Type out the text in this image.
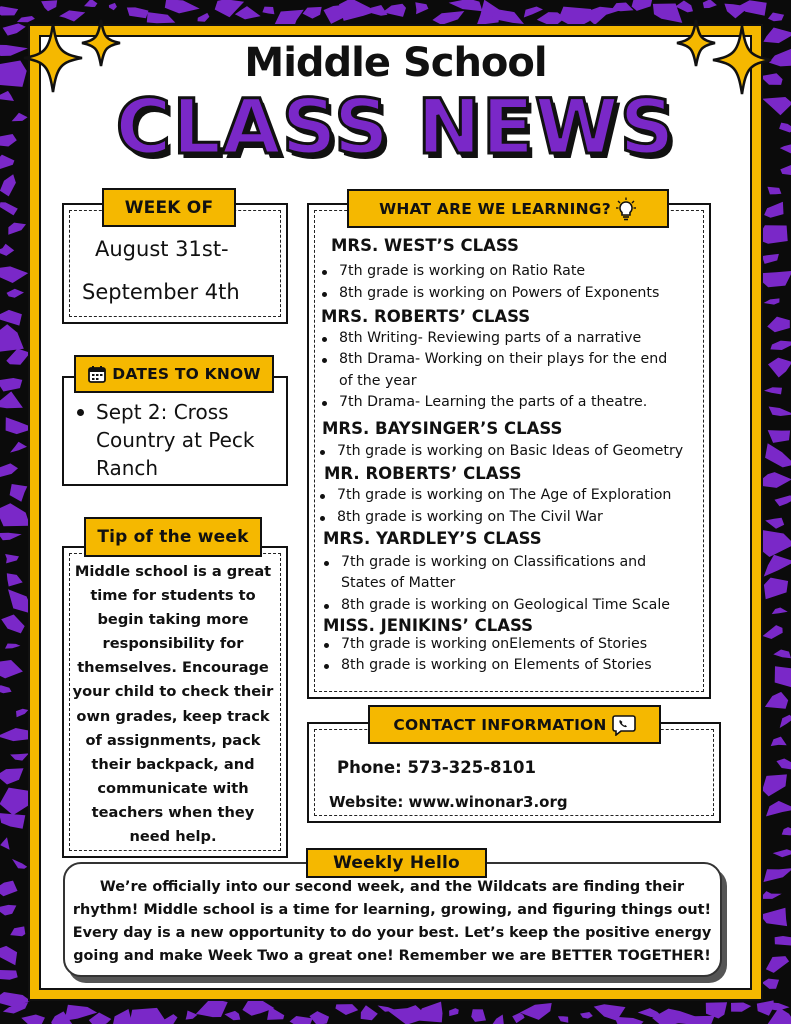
Middle School
CLASS NEWS
WEEK OF
August 31st-
September 4th
DATES TO KNOW
Sept 2: Cross Country at Peck Ranch
Tip of the week
Middle school is a great time for students to begin taking more responsibility for themselves. Encourage your child to check their own grades, keep track of assignments, pack their backpack, and communicate with teachers when they need help.
WHAT ARE WE LEARNING?
MRS. WEST’S CLASS
7th grade is working on Ratio Rate
8th grade is working on Powers of Exponents
MRS. ROBERTS’ CLASS
8th Writing- Reviewing parts of a narrative
8th Drama- Working on their plays for the end
of the year
7th Drama- Learning the parts of a theatre.
MRS. BAYSINGER’S CLASS
7th grade is working on Basic Ideas of Geometry
MR. ROBERTS’ CLASS
7th grade is working on The Age of Exploration
8th grade is working on The Civil War
MRS. YARDLEY’S CLASS
7th grade is working on Classifications and
States of Matter
8th grade is working on Geological Time Scale
MISS. JENIKINS’ CLASS
7th grade is working onElements of Stories
8th grade is working on Elements of Stories
CONTACT INFORMATION
Phone: 573-325-8101
Website: www.winonar3.org
Weekly Hello
We’re officially into our second week, and the Wildcats are finding their
rhythm! Middle school is a time for learning, growing, and figuring things out!
Every day is a new opportunity to do your best. Let’s keep the positive energy
going and make Week Two a great one! Remember we are BETTER TOGETHER!
